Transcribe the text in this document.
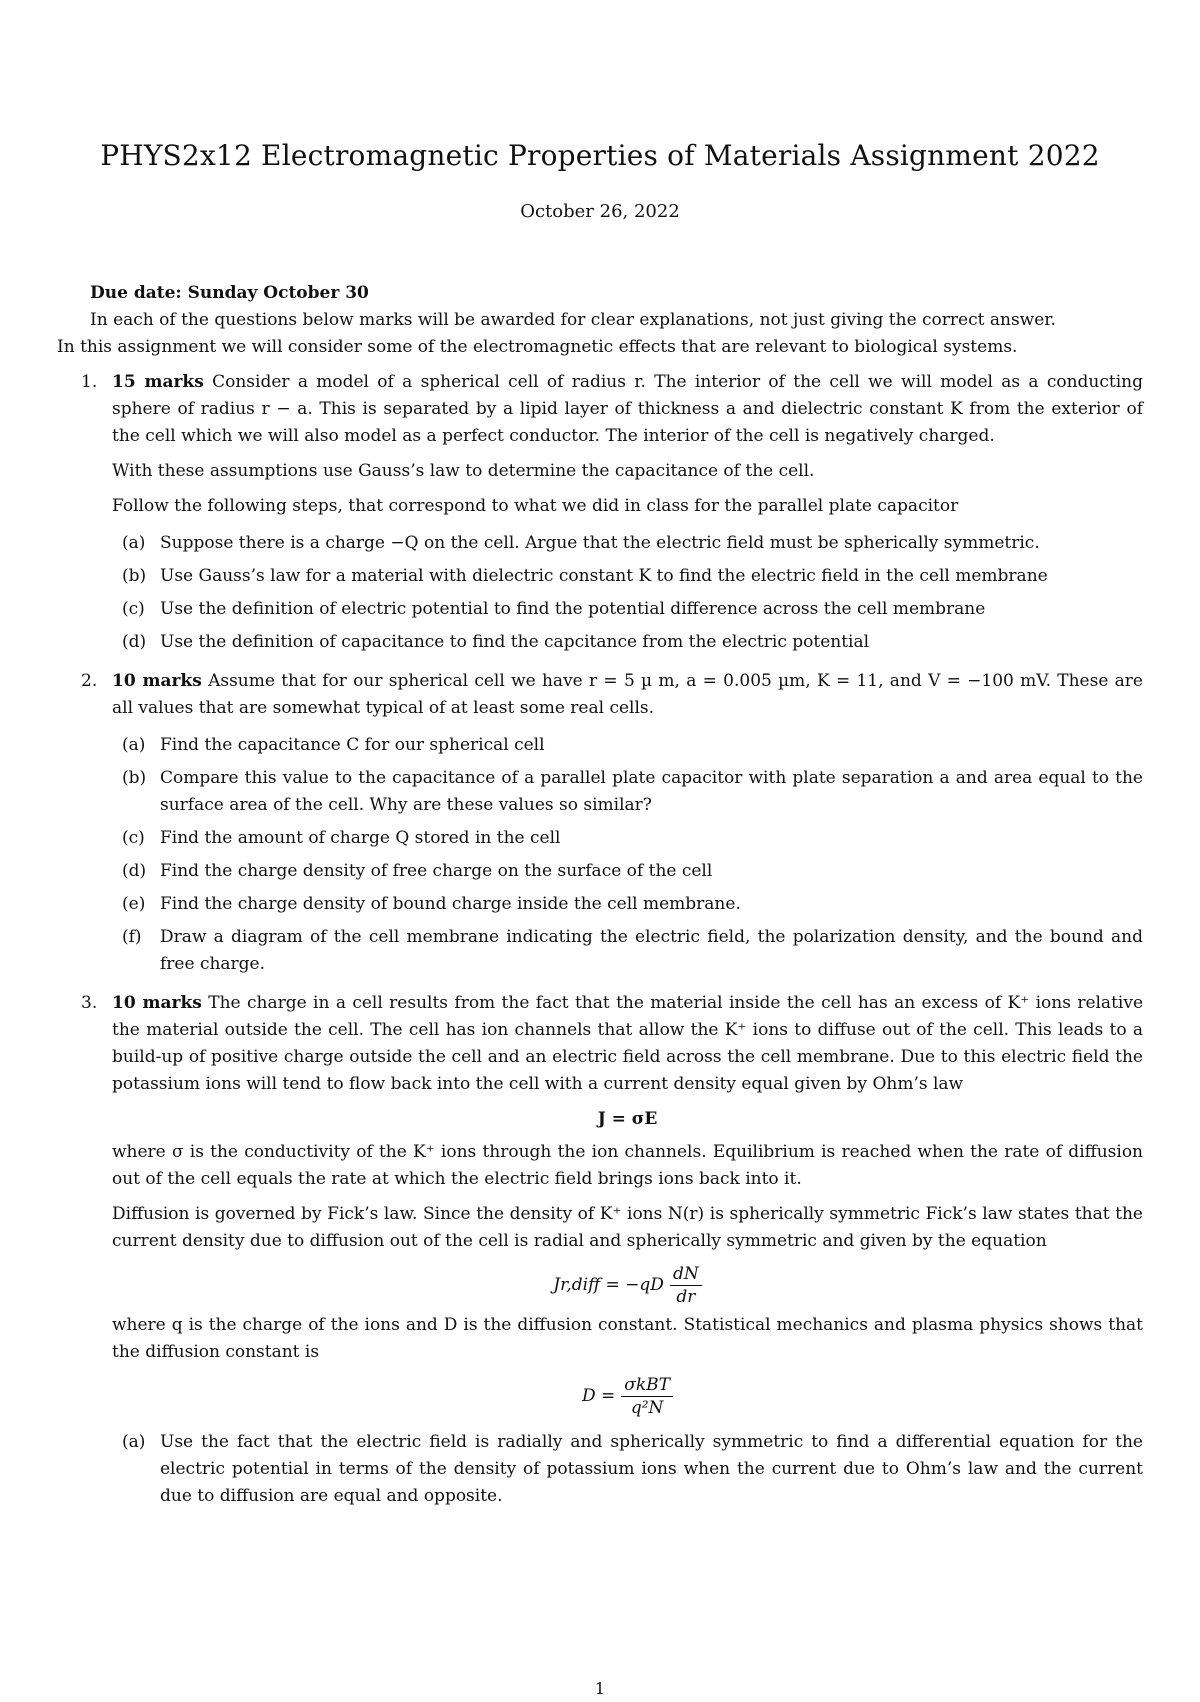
PHYS2x12 Electromagnetic Properties of Materials Assignment 2022
October 26, 2022

Due date: Sunday October 30

In each of the questions below marks will be awarded for clear explanations, not just giving the correct answer.

In this assignment we will consider some of the electromagnetic effects that are relevant to biological systems.

1. 15 marks Consider a model of a spherical cell of radius r. The interior of the cell we will model as a conducting sphere of radius r − a. This is separated by a lipid layer of thickness a and dielectric constant K from the exterior of the cell which we will also model as a perfect conductor. The interior of the cell is negatively charged.

With these assumptions use Gauss’s law to determine the capacitance of the cell.

Follow the following steps, that correspond to what we did in class for the parallel plate capacitor

(a) Suppose there is a charge −Q on the cell. Argue that the electric field must be spherically symmetric.
(b) Use Gauss’s law for a material with dielectric constant K to find the electric field in the cell membrane
(c) Use the definition of electric potential to find the potential difference across the cell membrane
(d) Use the definition of capacitance to find the capcitance from the electric potential
2. 10 marks Assume that for our spherical cell we have r = 5 µ m, a = 0.005 µm, K = 11, and V = −100 mV. These are all values that are somewhat typical of at least some real cells.

(a) Find the capacitance C for our spherical cell
(b) Compare this value to the capacitance of a parallel plate capacitor with plate separation a and area equal to the surface area of the cell. Why are these values so similar?
(c) Find the amount of charge Q stored in the cell
(d) Find the charge density of free charge on the surface of the cell
(e) Find the charge density of bound charge inside the cell membrane.
(f) Draw a diagram of the cell membrane indicating the electric field, the polarization density, and the bound and free charge.
3. 10 marks The charge in a cell results from the fact that the material inside the cell has an excess of K⁺ ions relative the material outside the cell. The cell has ion channels that allow the K⁺ ions to diffuse out of the cell. This leads to a build-up of positive charge outside the cell and an electric field across the cell membrane. Due to this electric field the potassium ions will tend to flow back into the cell with a current density equal given by Ohm’s law

J = σE

where σ is the conductivity of the K⁺ ions through the ion channels. Equilibrium is reached when the rate of diffusion out of the cell equals the rate at which the electric field brings ions back into it.

Diffusion is governed by Fick’s law. Since the density of K⁺ ions N(r) is spherically symmetric Fick’s law states that the current density due to diffusion out of the cell is radial and spherically symmetric and given by the equation

Jr,diff = $-qD \frac{dN}{dr}$

where q is the charge of the ions and D is the diffusion constant. Statistical mechanics and plasma physics shows that the diffusion constant is

$D = \frac{\text{σkBT}}{\text{q²N}}$
(a) Use the fact that the electric field is radially and spherically symmetric to find a differential equation for the electric potential in terms of the density of potassium ions when the current due to Ohm’s law and the current due to diffusion are equal and opposite.
1
